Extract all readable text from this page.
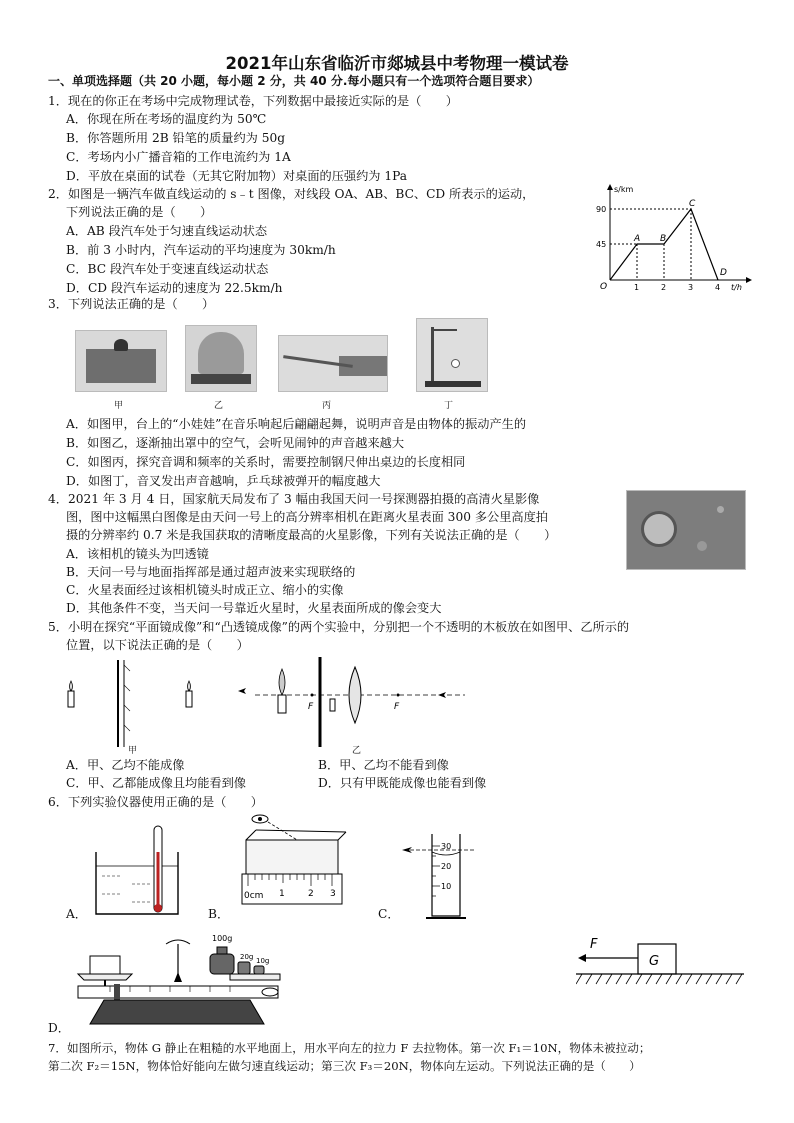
2021年山东省临沂市郯城县中考物理一模试卷
一、单项选择题（共 20 小题，每小题 2 分，共 40 分.每小题只有一个选项符合题目要求）
1．现在的你正在考场中完成物理试卷，下列数据中最接近实际的是（　　）
A．你现在所在考场的温度约为 50℃
B．你答题所用 2B 铅笔的质量约为 50g
C．考场内小广播音箱的工作电流约为 1A
D．平放在桌面的试卷（无其它附加物）对桌面的压强约为 1Pa
2．如图是一辆汽车做直线运动的 s﹣t 图像，对线段 OA、AB、BC、CD 所表示的运动，
下列说法正确的是（　　）
A．AB 段汽车处于匀速直线运动状态
B．前 3 小时内，汽车运动的平均速度为 30km/h
C．BC 段汽车处于变速直线运动状态
D．CD 段汽车运动的速度为 22.5km/h
s/km
t/h
O
90
45
1	2	3	4
A B
C
D
3．下列说法正确的是（　　）
甲	乙	丙	丁
A．如图甲，台上的“小娃娃”在音乐响起后翩翩起舞，说明声音是由物体的振动产生的
B．如图乙，逐渐抽出罩中的空气，会听见闹钟的声音越来越大
C．如图丙，探究音调和频率的关系时，需要控制钢尺伸出桌边的长度相同
D．如图丁，音叉发出声音越响，乒乓球被弹开的幅度越大
4．2021 年 3 月 4 日，国家航天局发布了 3 幅由我国天问一号探测器拍摄的高清火星影像
图，图中这幅黑白图像是由天问一号上的高分辨率相机在距离火星表面 300 多公里高度拍
摄的分辨率约 0.7 米是我国获取的清晰度最高的火星影像，下列有关说法正确的是（　　）
A．该相机的镜头为凹透镜
B．天问一号与地面指挥部是通过超声波来实现联络的
C．火星表面经过该相机镜头时成正立、缩小的实像
D．其他条件不变，当天问一号靠近火星时，火星表面所成的像会变大
5．小明在探究“平面镜成像”和“凸透镜成像”的两个实验中，分别把一个不透明的木板放在如图甲、乙所示的
位置，以下说法正确的是（　　）
F	F
甲	乙
A．甲、乙均不能成像	B．甲、乙均不能看到像
C．甲、乙都能成像且均能看到像	D．只有甲既能成像也能看到像
6．下列实验仪器使用正确的是（　　）
A．
0cm 1	2 3
B．
30
20
10
C．
100g
20g 10g
D．
F
G
7．如图所示，物体 G 静止在粗糙的水平地面上，用水平向左的拉力 F 去拉物体。第一次 F₁＝10N，物体未被拉动；
第二次 F₂＝15N，物体恰好能向左做匀速直线运动；第三次 F₃＝20N，物体向左运动。下列说法正确的是（　　）
